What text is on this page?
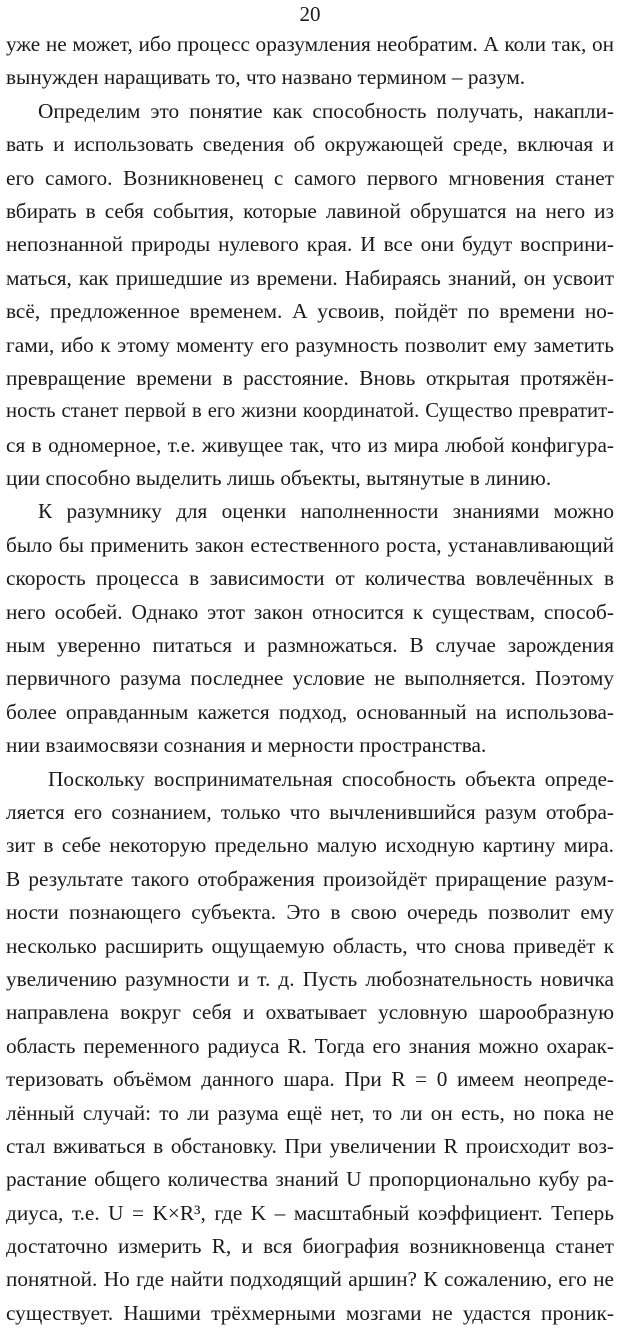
20
уже не может, ибо процесс оразумления необратим. А коли так, он
вынужден наращивать то, что названо термином – разум.
Определим это понятие как способность получать, накапли-
вать и использовать сведения об окружающей среде, включая и
его самого. Возникновенец с самого первого мгновения станет
вбирать в себя события, которые лавиной обрушатся на него из
непознанной природы нулевого края. И все они будут восприни-
маться, как пришедшие из времени. Набираясь знаний, он усвоит
всё, предложенное временем. А усвоив, пойдёт по времени но-
гами, ибо к этому моменту его разумность позволит ему заметить
превращение времени в расстояние. Вновь открытая протяжён-
ность станет первой в его жизни координатой. Существо превратит-
ся в одномерное, т.е. живущее так, что из мира любой конфигура-
ции способно выделить лишь объекты, вытянутые в линию.
К разумнику для оценки наполненности знаниями можно
было бы применить закон естественного роста, устанавливающий
скорость процесса в зависимости от количества вовлечённых в
него особей. Однако этот закон относится к существам, способ-
ным уверенно питаться и размножаться. В случае зарождения
первичного разума последнее условие не выполняется. Поэтому
более оправданным кажется подход, основанный на использова-
нии взаимосвязи сознания и мерности пространства.
Поскольку воспринимательная способность объекта опреде-
ляется его сознанием, только что вычленившийся разум отобра-
зит в себе некоторую предельно малую исходную картину мира.
В результате такого отображения произойдёт приращение разум-
ности познающего субъекта. Это в свою очередь позволит ему
несколько расширить ощущаемую область, что снова приведёт к
увеличению разумности и т. д. Пусть любознательность новичка
направлена вокруг себя и охватывает условную шарообразную
область переменного радиуса R. Тогда его знания можно охарак-
теризовать объёмом данного шара. При R = 0 имеем неопреде-
лённый случай: то ли разума ещё нет, то ли он есть, но пока не
стал вживаться в обстановку. При увеличении R происходит воз-
растание общего количества знаний U пропорционально кубу ра-
диуса, т.е. U = K×R³, где K – масштабный коэффициент. Теперь
достаточно измерить R, и вся биография возникновенца станет
понятной. Но где найти подходящий аршин? К сожалению, его не
существует. Нашими трёхмерными мозгами не удастся проник-
